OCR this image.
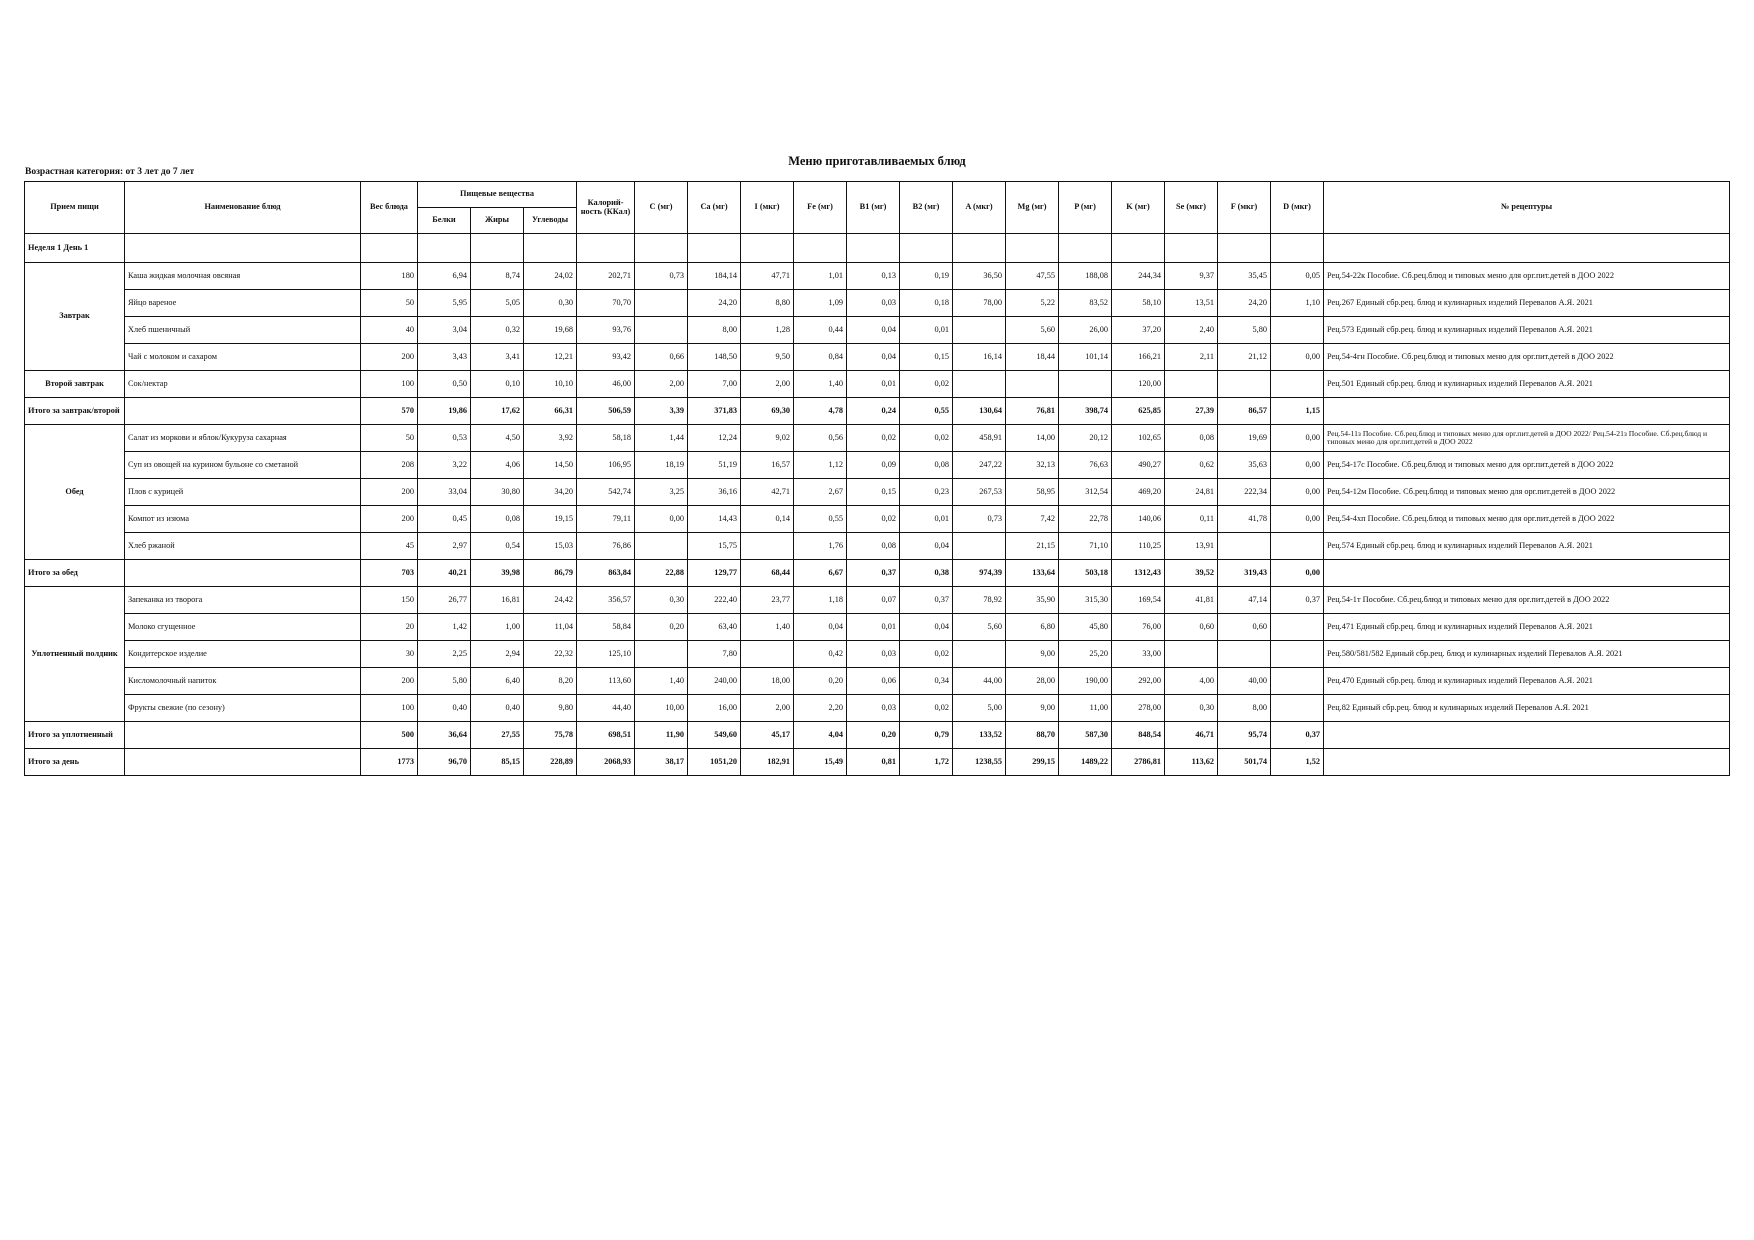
Меню приготавливаемых блюд
Возрастная категория: от 3 лет до 7 лет
Прием пищи	Наименование блюд	Вес блюда	Пищевые вещества			Калорий-ность (ККал)	C (мг)	Ca (мг)	I (мкг)	Fe (мг)	B1 (мг)	B2 (мг)	A (мкг)	Mg (мг)	P (мг)	K (мг)	Se (мкг)	F (мкг)	D (мкг)	№ рецептуры
			Белки	Жиры	Углеводы															
Неделя 1 День 1																				
Завтрак	Каша жидкая молочная овсяная	180	6,94	8,74	24,02	202,71	0,73	184,14	47,71	1,01	0,13	0,19	36,50	47,55	188,08	244,34	9,37	35,45	0,05	Рец.54-22к Пособие. Сб.рец.блюд и типовых меню для орг.пит.детей в ДОО 2022
	Яйцо вареное	50	5,95	5,05	0,30	70,70		24,20	8,80	1,09	0,03	0,18	78,00	5,22	83,52	58,10	13,51	24,20	1,10	Рец.267 Единый сбр.рец. блюд и кулинарных изделий Перевалов А.Я. 2021
	Хлеб пшеничный	40	3,04	0,32	19,68	93,76		8,00	1,28	0,44	0,04	0,01		5,60	26,00	37,20	2,40	5,80		Рец.573 Единый сбр.рец. блюд и кулинарных изделий Перевалов А.Я. 2021
	Чай с молоком и сахаром	200	3,43	3,41	12,21	93,42	0,66	148,50	9,50	0,84	0,04	0,15	16,14	18,44	101,14	166,21	2,11	21,12	0,00	Рец.54-4гн Пособие. Сб.рец.блюд и типовых меню для орг.пит.детей в ДОО 2022
Второй завтрак	Сок/нектар	100	0,50	0,10	10,10	46,00	2,00	7,00	2,00	1,40	0,01	0,02				120,00				Рец.501 Единый сбр.рец. блюд и кулинарных изделий Перевалов А.Я. 2021
Итого за завтрак/второй		570	19,86	17,62	66,31	506,59	3,39	371,83	69,30	4,78	0,24	0,55	130,64	76,81	398,74	625,85	27,39	86,57	1,15	
Обед	Салат из моркови и яблок/Кукуруза сахарная	50	0,53	4,50	3,92	58,18	1,44	12,24	9,02	0,56	0,02	0,02	458,91	14,00	20,12	102,65	0,08	19,69	0,00	Рец.54-11з Пособие. Сб.рец.блюд и типовых меню для орг.пит.детей в ДОО 2022/ Рец.54-21з Пособие. Сб.рец.блюд и типовых меню для орг.пит.детей в ДОО 2022
	Суп из овощей на курином бульоне со сметаной	208	3,22	4,06	14,50	106,95	18,19	51,19	16,57	1,12	0,09	0,08	247,22	32,13	76,63	490,27	0,62	35,63	0,00	Рец.54-17с Пособие. Сб.рец.блюд и типовых меню для орг.пит.детей в ДОО 2022
	Плов с курицей	200	33,04	30,80	34,20	542,74	3,25	36,16	42,71	2,67	0,15	0,23	267,53	58,95	312,54	469,20	24,81	222,34	0,00	Рец.54-12м Пособие. Сб.рец.блюд и типовых меню для орг.пит.детей в ДОО 2022
	Компот из изюма	200	0,45	0,08	19,15	79,11	0,00	14,43	0,14	0,55	0,02	0,01	0,73	7,42	22,78	140,06	0,11	41,78	0,00	Рец.54-4хп Пособие. Сб.рец.блюд и типовых меню для орг.пит.детей в ДОО 2022
	Хлеб ржаной	45	2,97	0,54	15,03	76,86		15,75		1,76	0,08	0,04		21,15	71,10	110,25	13,91			Рец.574 Единый сбр.рец. блюд и кулинарных изделий Перевалов А.Я. 2021
Итого за обед		703	40,21	39,98	86,79	863,84	22,88	129,77	68,44	6,67	0,37	0,38	974,39	133,64	503,18	1312,43	39,52	319,43	0,00	
Уплотненный полдник	Запеканка из творога	150	26,77	16,81	24,42	356,57	0,30	222,40	23,77	1,18	0,07	0,37	78,92	35,90	315,30	169,54	41,81	47,14	0,37	Рец.54-1т Пособие. Сб.рец.блюд и типовых меню для орг.пит.детей в ДОО 2022
	Молоко сгущенное	20	1,42	1,00	11,04	58,84	0,20	63,40	1,40	0,04	0,01	0,04	5,60	6,80	45,80	76,00	0,60	0,60		Рец.471 Единый сбр.рец. блюд и кулинарных изделий Перевалов А.Я. 2021
	Кондитерское изделие	30	2,25	2,94	22,32	125,10		7,80		0,42	0,03	0,02		9,00	25,20	33,00				Рец.580/581/582 Единый сбр.рец. блюд и кулинарных изделий Перевалов А.Я. 2021
	Кисломолочный напиток	200	5,80	6,40	8,20	113,60	1,40	240,00	18,00	0,20	0,06	0,34	44,00	28,00	190,00	292,00	4,00	40,00		Рец.470 Единый сбр.рец. блюд и кулинарных изделий Перевалов А.Я. 2021
	Фрукты свежие (по сезону)	100	0,40	0,40	9,80	44,40	10,00	16,00	2,00	2,20	0,03	0,02	5,00	9,00	11,00	278,00	0,30	8,00		Рец.82 Единый сбр.рец. блюд и кулинарных изделий Перевалов А.Я. 2021
Итого за уплотненный		500	36,64	27,55	75,78	698,51	11,90	549,60	45,17	4,04	0,20	0,79	133,52	88,70	587,30	848,54	46,71	95,74	0,37	
Итого за день		1773	96,70	85,15	228,89	2068,93	38,17	1051,20	182,91	15,49	0,81	1,72	1238,55	299,15	1489,22	2786,81	113,62	501,74	1,52	
